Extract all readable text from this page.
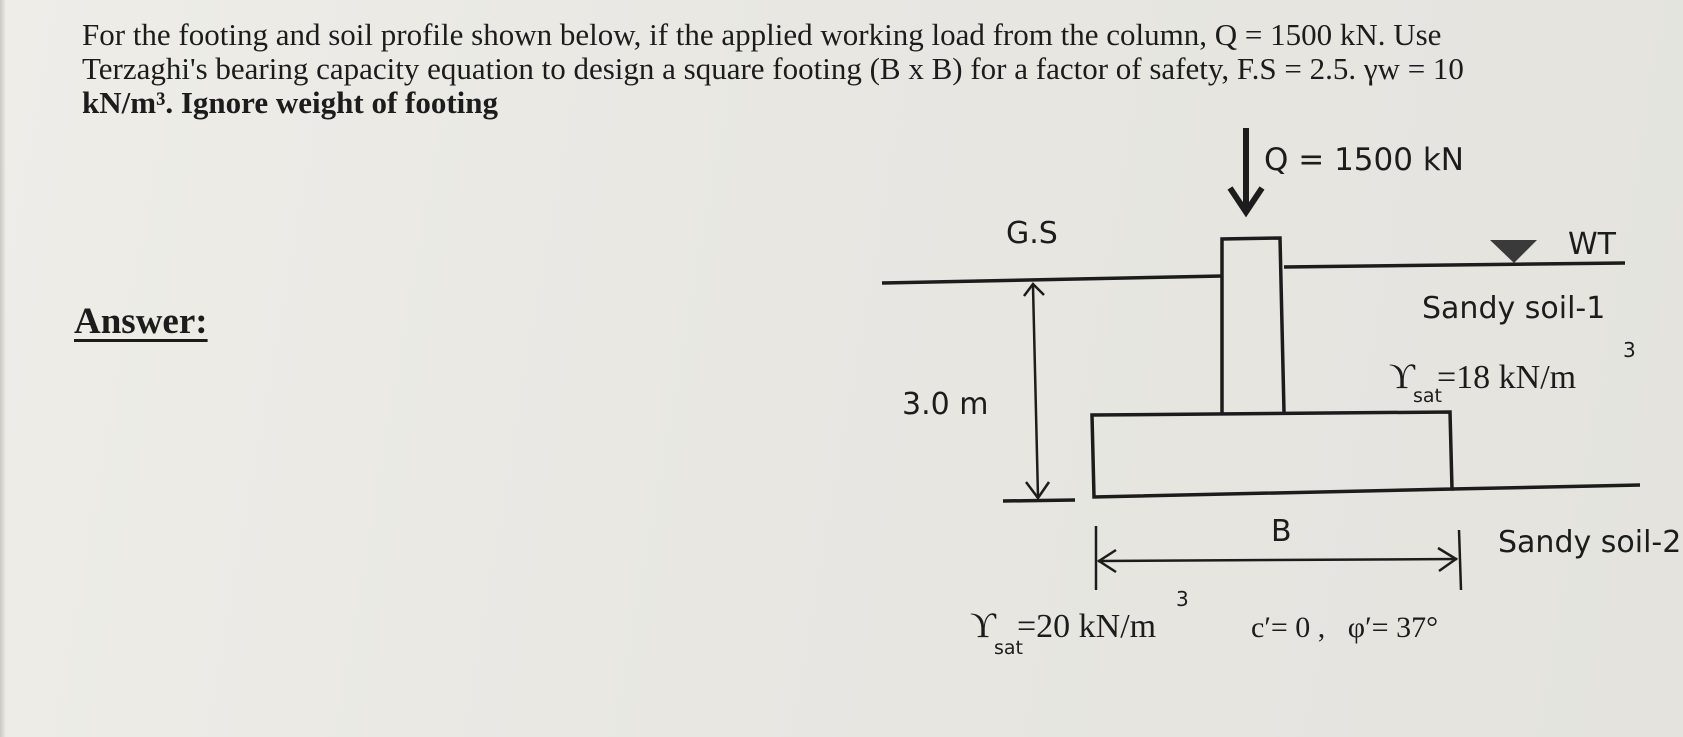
For the footing and soil profile shown below, if the applied working load from the column, Q = 1500 kN. Use
Terzaghi's bearing capacity equation to design a square footing (B x B) for a factor of safety, F.S = 2.5. γw = 10
kN/m³. Ignore weight of footing
Answer:
Q = 1500 kN
G.S	WT
Sandy soil-1
3.0 m
B	Sandy soil-2
ϒ
sat
=18 kN/m
3
ϒ
sat
=20 kN/m
3
c′= 0 ,   φ′= 37°
